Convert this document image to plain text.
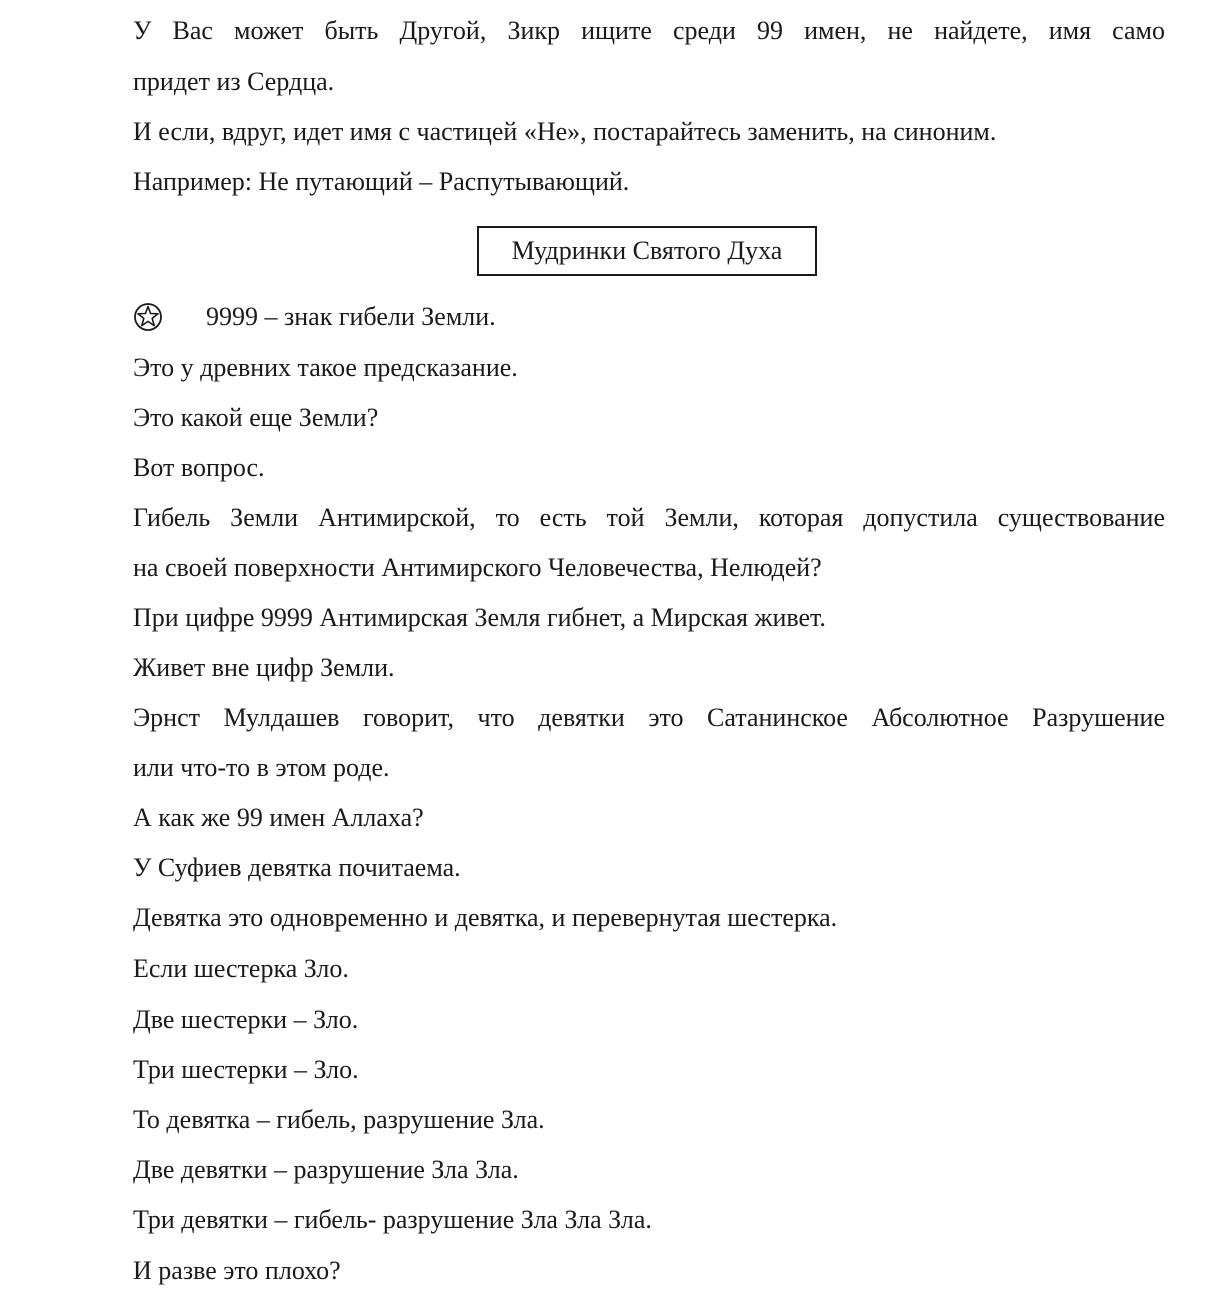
У Вас может быть Другой, Зикр ищите среди 99 имен, не найдете, имя само
придет из Сердца.
И если, вдруг, идет имя с частицей «Не», постарайтесь заменить, на синоним.
Например: Не путающий – Распутывающий.
Мудринки Святого Духа
9999 – знак гибели Земли.
Это у древних такое предсказание.
Это какой еще Земли?
Вот вопрос.
Гибель Земли Антимирской, то есть той Земли, которая допустила существование
на своей поверхности Антимирского Человечества, Нелюдей?
При цифре 9999 Антимирская Земля гибнет, а Мирская живет.
Живет вне цифр Земли.
Эрнст Мулдашев говорит, что девятки это Сатанинское Абсолютное Разрушение
или что-то в этом роде.
А как же 99 имен Аллаха?
У Суфиев девятка почитаема.
Девятка это одновременно и девятка, и перевернутая шестерка.
Если шестерка Зло.
Две шестерки – Зло.
Три шестерки – Зло.
То девятка – гибель, разрушение Зла.
Две девятки – разрушение Зла Зла.
Три девятки – гибель- разрушение Зла Зла Зла.
И разве это плохо?
